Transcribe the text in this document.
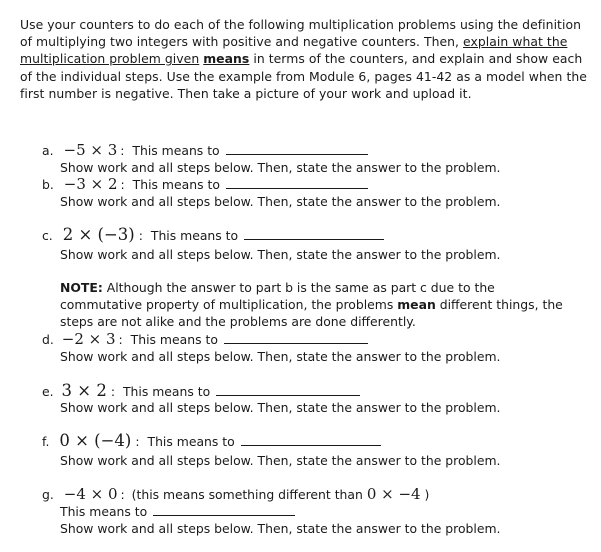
Use your counters to do each of the following multiplication problems using the definition of multiplying two integers with positive and negative counters. Then, explain what the multiplication problem given means in terms of the counters, and explain and show each of the individual steps. Use the example from Module 6, pages 41-42 as a model when the first number is negative. Then take a picture of your work and upload it.
a. −5 × 3 : This means to
Show work and all steps below. Then, state the answer to the problem.
b. −3 × 2 : This means to
Show work and all steps below. Then, state the answer to the problem.
c. 2 × (−3) : This means to
Show work and all steps below. Then, state the answer to the problem.
NOTE: Although the answer to part b is the same as part c due to the commutative property of multiplication, the problems mean different things, the steps are not alike and the problems are done differently.
d. −2 × 3 : This means to
Show work and all steps below. Then, state the answer to the problem.
e. 3 × 2 : This means to
Show work and all steps below. Then, state the answer to the problem.
f. 0 × (−4) : This means to
Show work and all steps below. Then, state the answer to the problem.
g. −4 × 0 : (this means something different than 0 × −4 )
This means to
Show work and all steps below. Then, state the answer to the problem.
